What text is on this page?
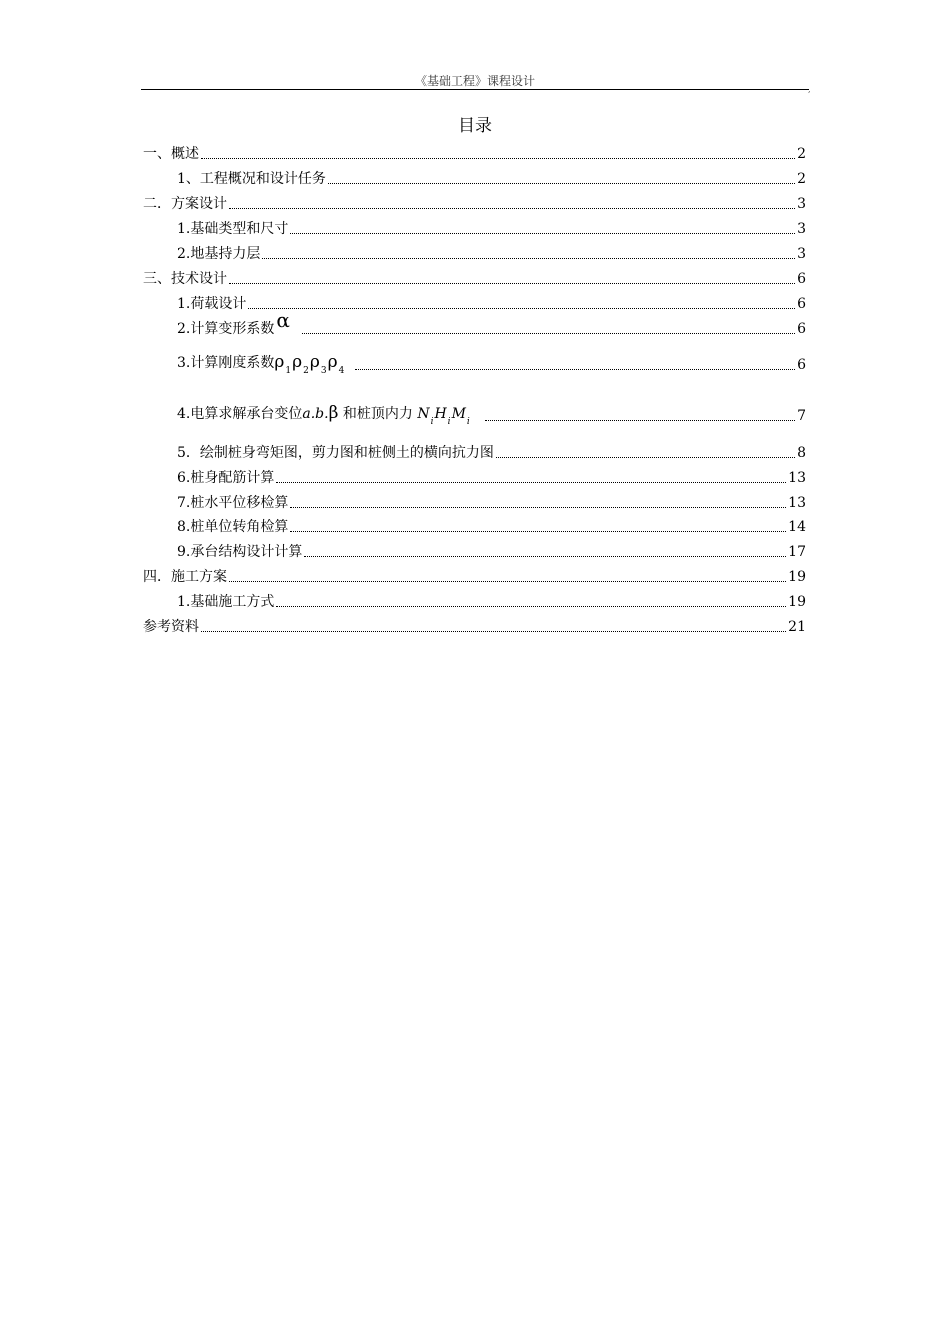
《基础工程》课程设计
,
目录
一、概述	2
1、工程概况和设计任务	2
二．方案设计	3
1.基础类型和尺寸	3
2.地基持力层	3
三、技术设计	6
1.荷载设计	6
2.计算变形系数 α	6
3.计算刚度系数$\rho_1\rho_2\rho_3\rho_4$	6
4.电算求解承台变位a.b.β 和桩顶内力 $N_iH_iM_i$	7
5．绘制桩身弯矩图，剪力图和桩侧土的横向抗力图	8
6.桩身配筋计算	13
7.桩水平位移检算	13
8.桩单位转角检算	14
9.承台结构设计计算	17
四．施工方案	19
1.基础施工方式	19
参考资料	21
